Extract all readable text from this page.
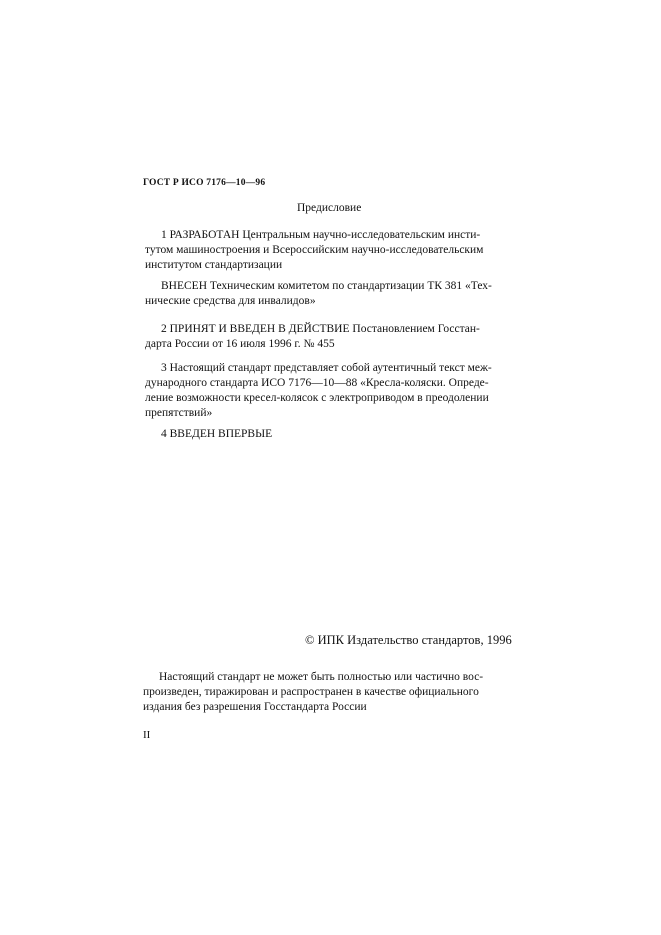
ГОСТ Р ИСО 7176—10—96
Предисловие
1 РАЗРАБОТАН Центральным научно-исследовательским инсти-
тутом машиностроения и Всероссийским научно-исследовательским
институтом стандартизации
ВНЕСЕН Техническим комитетом по стандартизации ТК 381 «Тех-
нические средства для инвалидов»
2 ПРИНЯТ И ВВЕДЕН В ДЕЙСТВИЕ Постановлением Госстан-
дарта России от 16 июля 1996 г. № 455
3 Настоящий стандарт представляет собой аутентичный текст меж-
дународного стандарта ИСО 7176—10—88 «Кресла-коляски. Опреде-
ление возможности кресел-колясок с электроприводом в преодолении
препятствий»
4 ВВЕДЕН ВПЕРВЫЕ
© ИПК Издательство стандартов, 1996
Настоящий стандарт не может быть полностью или частично вос-
произведен, тиражирован и распространен в качестве официального
издания без разрешения Госстандарта России
II
